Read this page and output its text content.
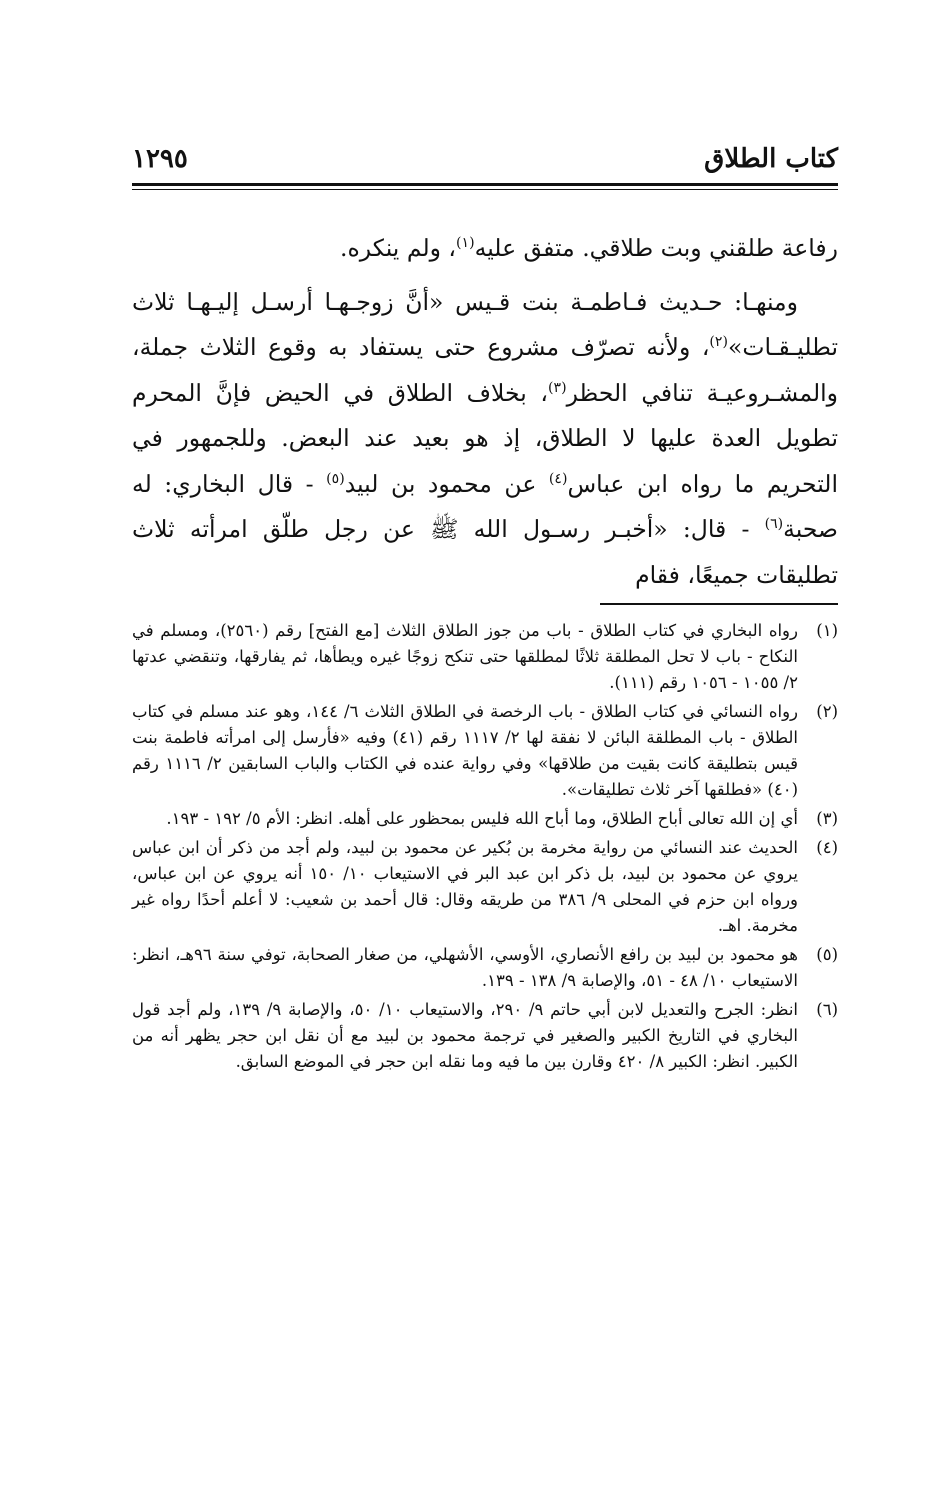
كتاب الطلاق
١٢٩٥

رفاعة طلقني وبت طلاقي. متفق عليه$^{(١)}$، ولم ينكره.

ومنهـا: حـديث فـاطمـة بنت قـيس «أنَّ زوجـهـا أرسـل إليـهـا ثلاث تطليـقـات»$^{(٢)}$، ولأنه تصرّف مشروع حتى يستفاد به وقوع الثلاث جملة، والمشـروعيـة تنافي الحظر$^{(٣)}$، بخلاف الطلاق في الحيض فإنَّ المحرم تطويل العدة عليها لا الطلاق، إذ هو بعيد عند البعض. وللجمهور في التحريم ما رواه ابن عباس$^{(٤)}$ عن محمود بن لبيد$^{(٥)}$ - قال البخاري: له صحبة$^{(٦)}$ - قال: «أخبـر رسـول الله ﷺ عن رجل طلّق امرأته ثلاث تطليقات جميعًا، فقام

(١)
رواه البخاري في كتاب الطلاق - باب من جوز الطلاق الثلاث [مع الفتح] رقم (٢٥٦٠)، ومسلم في النكاح - باب لا تحل المطلقة ثلاثًا لمطلقها حتى تنكح زوجًا غيره ويطأها، ثم يفارقها، وتنقضي عدتها ٢/ ١٠٥٥ - ١٠٥٦ رقم (١١١).
(٢)
رواه النسائي في كتاب الطلاق - باب الرخصة في الطلاق الثلاث ٦/ ١٤٤، وهو عند مسلم في كتاب الطلاق - باب المطلقة البائن لا نفقة لها ٢/ ١١١٧ رقم (٤١) وفيه «فأرسل إلى امرأته فاطمة بنت قيس بتطليقة كانت بقيت من طلاقها» وفي رواية عنده في الكتاب والباب السابقين ٢/ ١١١٦ رقم (٤٠) «فطلقها آخر ثلاث تطليقات».
(٣)
أي إن الله تعالى أباح الطلاق، وما أباح الله فليس بمحظور على أهله. انظر: الأم ٥/ ١٩٢ - ١٩٣.
(٤)
الحديث عند النسائي من رواية مخرمة بن بُكير عن محمود بن لبيد، ولم أجد من ذكر أن ابن عباس يروي عن محمود بن لبيد، بل ذكر ابن عبد البر في الاستيعاب ١٠/ ١٥٠ أنه يروي عن ابن عباس، ورواه ابن حزم في المحلى ٩/ ٣٨٦ من طريقه وقال: قال أحمد بن شعيب: لا أعلم أحدًا رواه غير مخرمة. اهـ.
(٥)
هو محمود بن لبيد بن رافع الأنصاري، الأوسي، الأشهلي، من صغار الصحابة، توفي سنة ٩٦هـ، انظر: الاستيعاب ١٠/ ٤٨ - ٥١، والإصابة ٩/ ١٣٨ - ١٣٩.
(٦)
انظر: الجرح والتعديل لابن أبي حاتم ٩/ ٢٩٠، والاستيعاب ١٠/ ٥٠، والإصابة ٩/ ١٣٩، ولم أجد قول البخاري في التاريخ الكبير والصغير في ترجمة محمود بن لبيد مع أن نقل ابن حجر يظهر أنه من الكبير. انظر: الكبير ٨/ ٤٢٠ وقارن بين ما فيه وما نقله ابن حجر في الموضع السابق.
